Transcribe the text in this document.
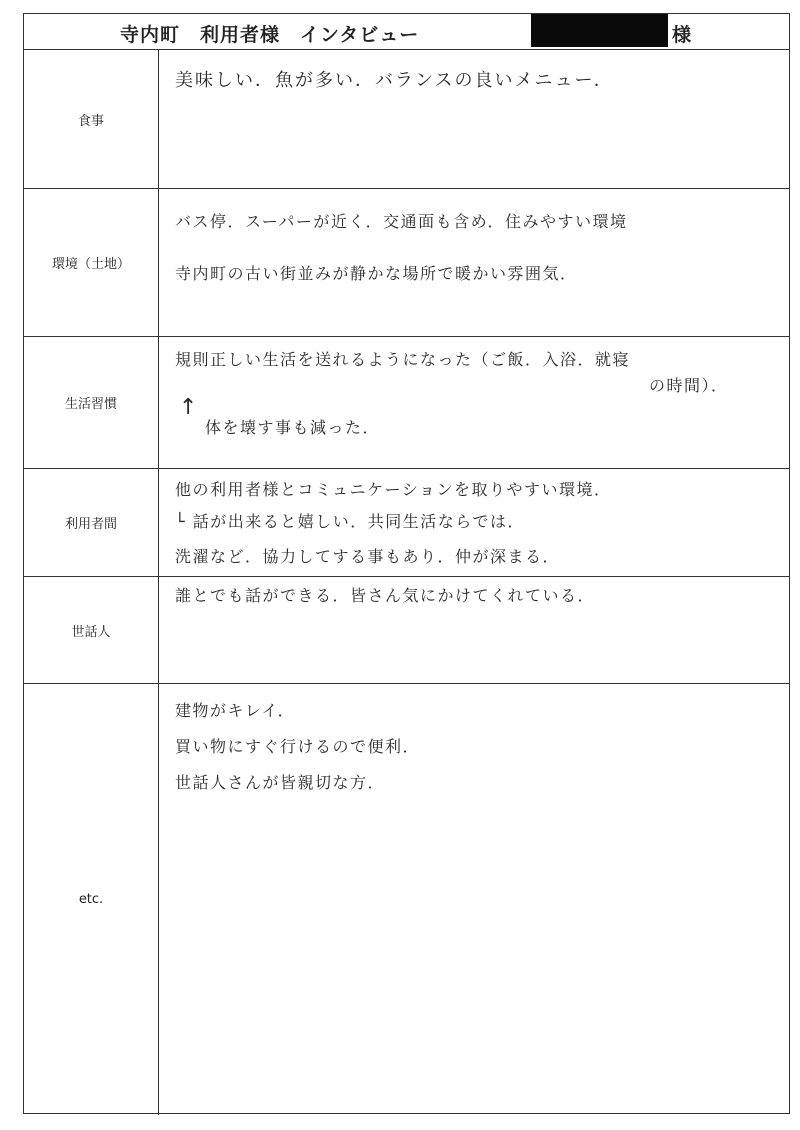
寺内町　利用者様　インタビュー	様
食事
美味しい．魚が多い．バランスの良いメニュー．
環境（土地）
バス停．スーパーが近く．交通面も含め．住みやすい環境
寺内町の古い街並みが静かな場所で暖かい雰囲気．
生活習慣
規則正しい生活を送れるようになった（ご飯．入浴．就寝
の時間）．
↑
体を壊す事も減った．
利用者間
他の利用者様とコミュニケーションを取りやすい環境．
└ 話が出来ると嬉しい．共同生活ならでは．
洗濯など．協力してする事もあり．仲が深まる．
世話人
誰とでも話ができる．皆さん気にかけてくれている．
etc.
建物がキレイ．
買い物にすぐ行けるので便利．
世話人さんが皆親切な方．
